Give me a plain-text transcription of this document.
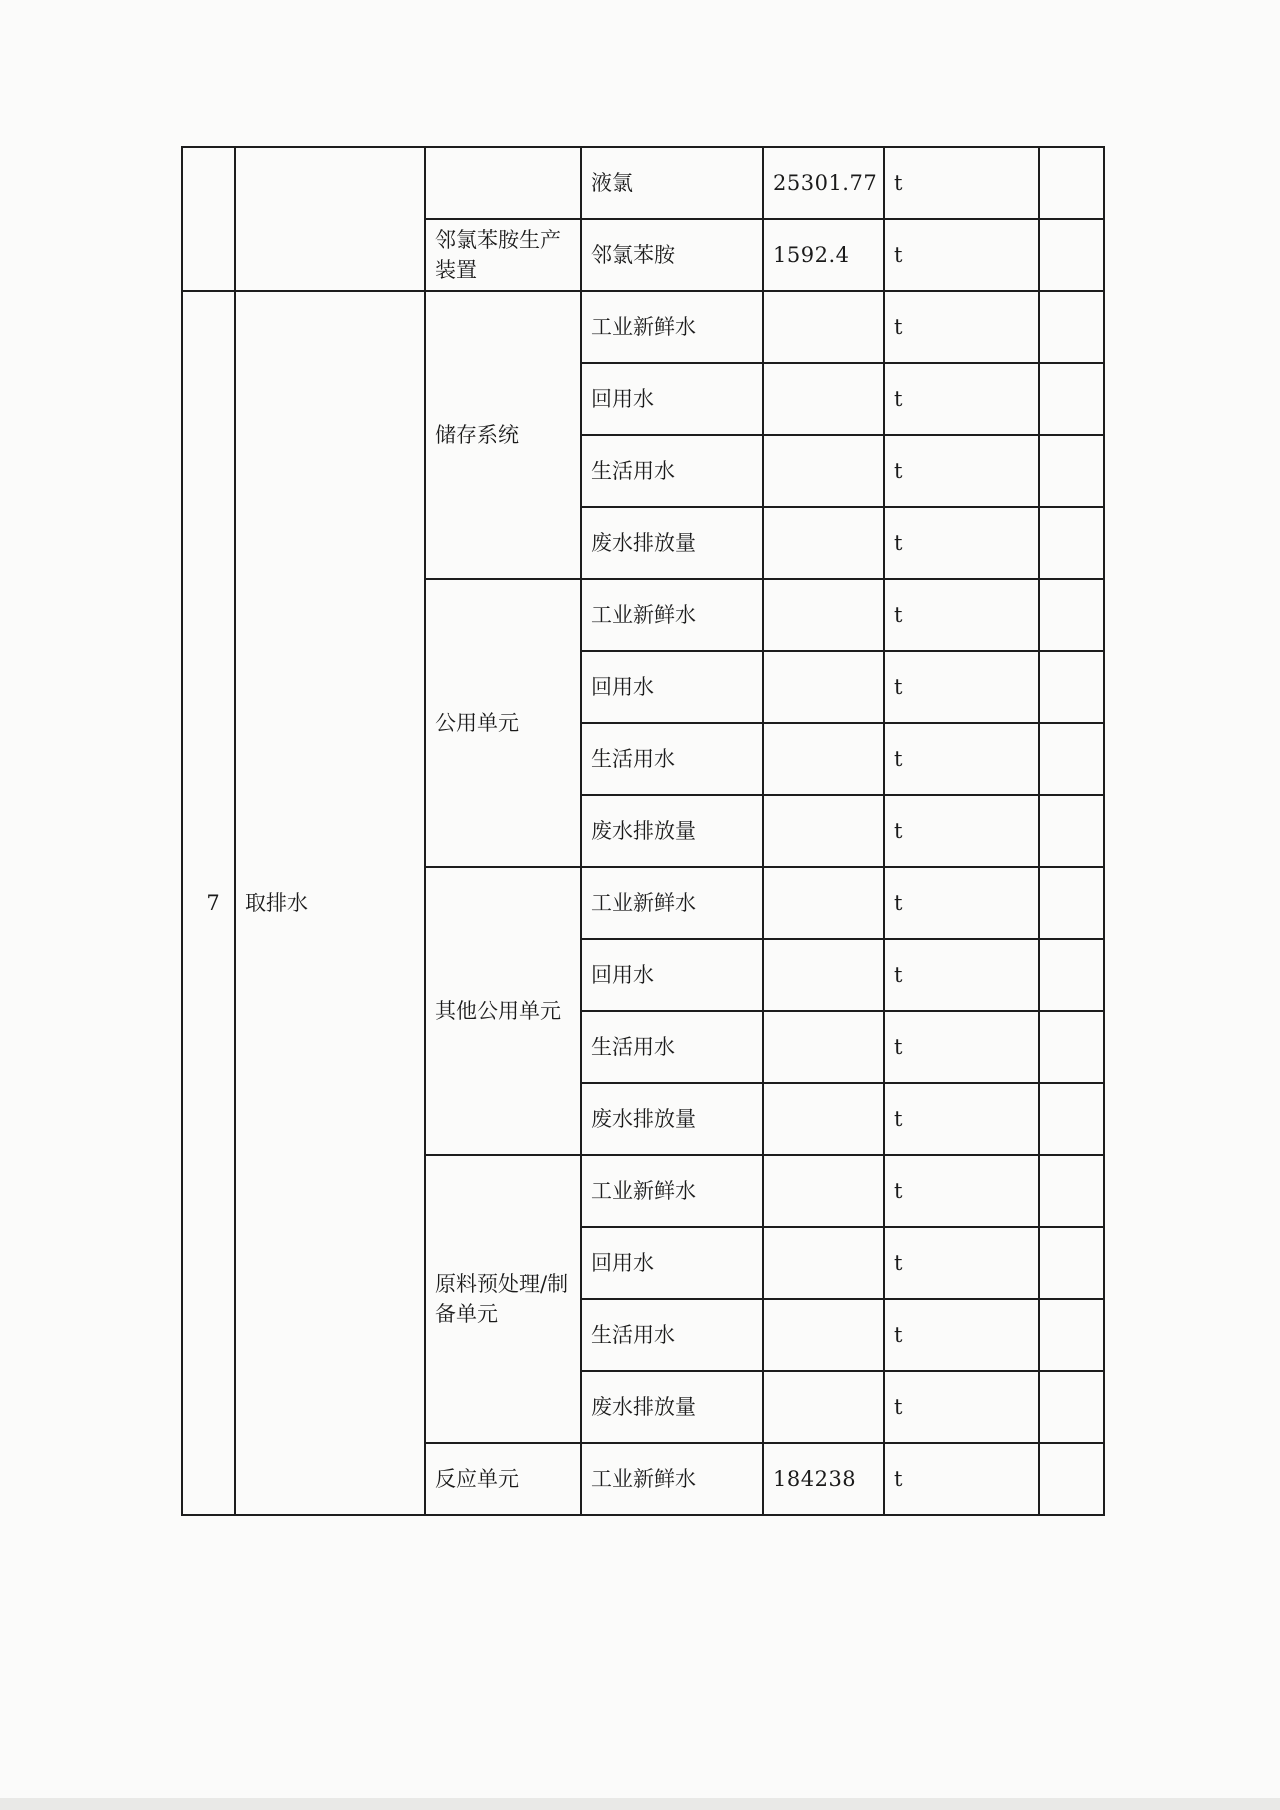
			液氯	25301.77	t	
		邻氯苯胺生产装置	邻氯苯胺	1592.4	t	
7	取排水	储存系统	工业新鲜水		t	
			回用水		t	
			生活用水		t	
			废水排放量		t	
		公用单元	工业新鲜水		t	
			回用水		t	
			生活用水		t	
			废水排放量		t	
		其他公用单元	工业新鲜水		t	
			回用水		t	
			生活用水		t	
			废水排放量		t	
		原料预处理/制备单元	工业新鲜水		t	
			回用水		t	
			生活用水		t	
			废水排放量		t	
		反应单元	工业新鲜水	184238	t	
